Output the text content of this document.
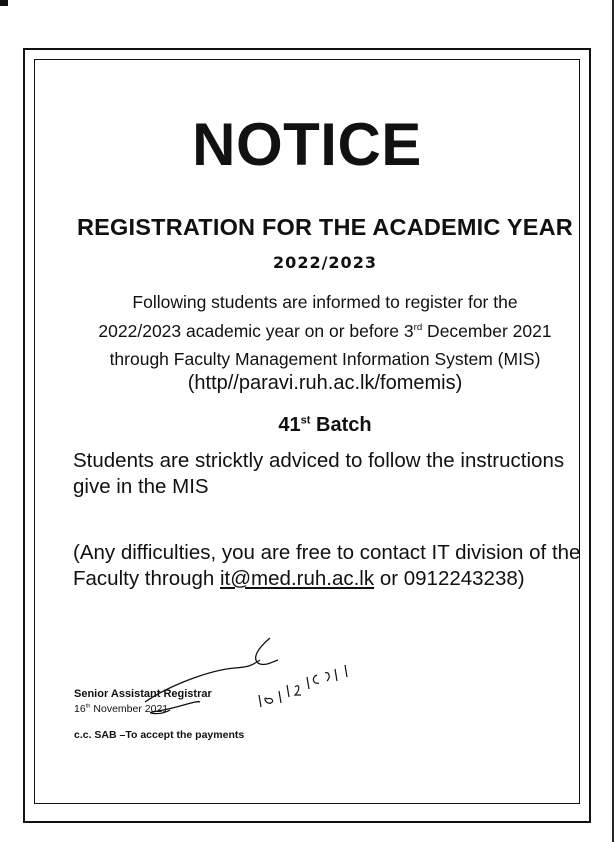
NOTICE
REGISTRATION FOR THE ACADEMIC YEAR
2022/2023
Following students are informed to register for the
2022/2023 academic year on or before 3rd December 2021
through Faculty Management Information System (MIS)
(http//paravi.ruh.ac.lk/fomemis)
41st Batch
Students are stricktly adviced to follow the instructions
give in the MIS
(Any difficulties, you are free to contact IT division of the
Faculty through it@med.ruh.ac.lk or 0912243238)
Senior Assistant Registrar
16th November 2021
c.c. SAB –To accept the payments
